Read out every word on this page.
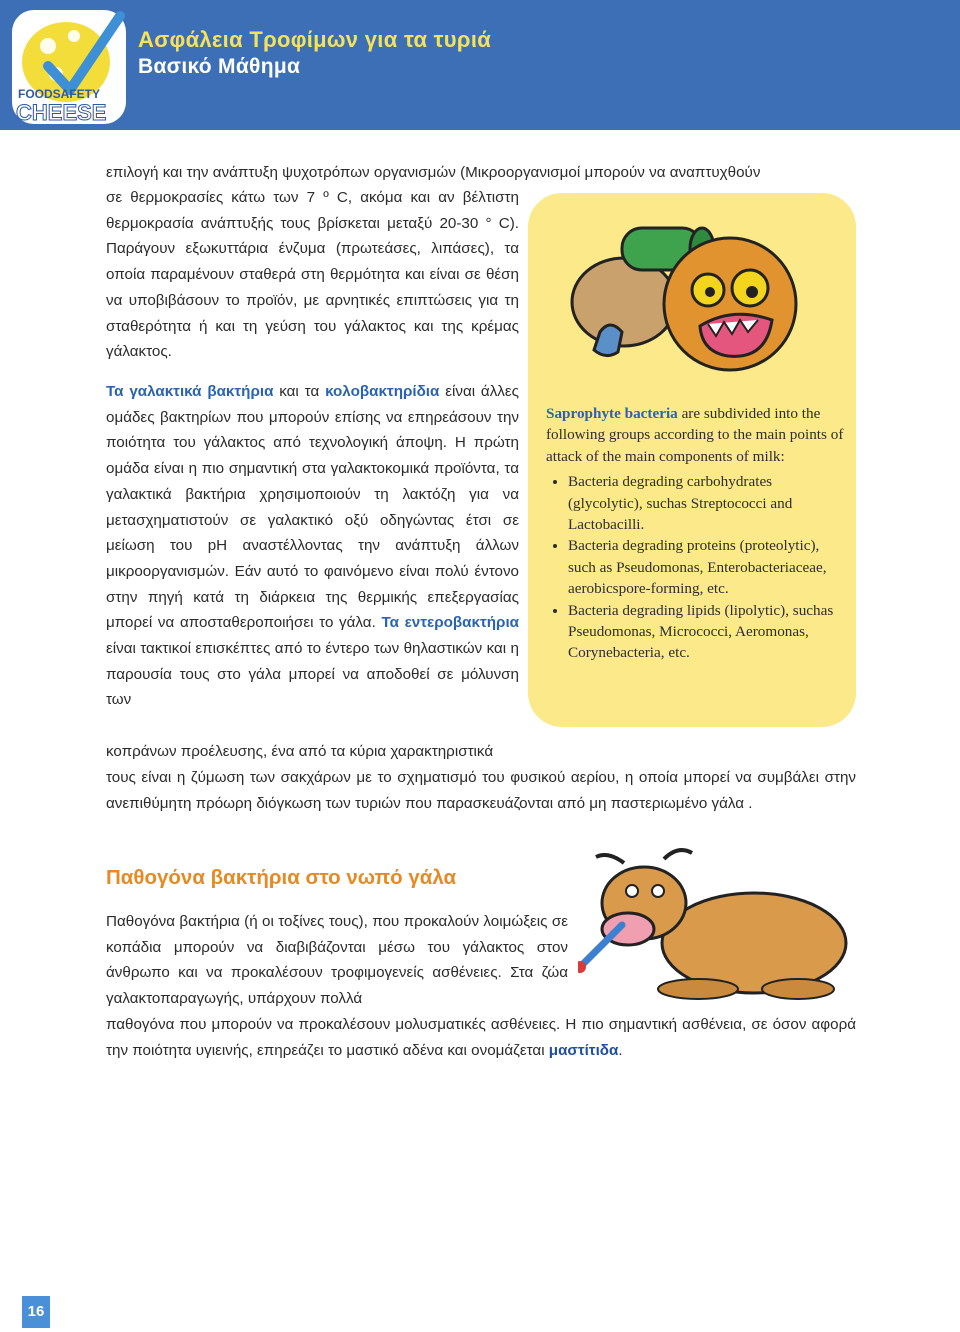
FOODSAFETY
CHEESE
Ασφάλεια Τροφίμων για τα τυριά
Βασικό Μάθημα
επιλογή και την ανάπτυξη ψυχοτρόπων οργανισμών (Μικροοργανισμοί μπορούν να αναπτυχθούν
σε θερμοκρασίες κάτω των 7 º C, ακόμα και αν βέλτιστη θερμοκρασία ανάπτυξής τους βρίσκεται μεταξύ 20-30 ° C). Παράγουν εξωκυττάρια ένζυμα (πρωτεάσες, λιπάσες), τα οποία παραμένουν σταθερά στη θερμότητα και είναι σε θέση να υποβιβάσουν το προϊόν, με αρνητικές επιπτώσεις για τη σταθερότητα ή και τη γεύση του γάλακτος και της κρέμας γάλακτος.
Saprophyte bacteria are subdivided into the following groups according to the main points of attack of the main components of milk:
• Bacteria degrading carbohydrates (glycolytic), suchas Streptococci and Lactobacilli.
• Bacteria degrading proteins (proteolytic), such as Pseudomonas, Enterobacteriaceae, aerobicspore-forming, etc.
• Bacteria degrading lipids (lipolytic), suchas Pseudomonas, Micrococci, Aeromonas, Corynebacteria, etc.
Τα γαλακτικά βακτήρια και τα κολοβακτηρίδια είναι άλλες ομάδες βακτηρίων που μπορούν επίσης να επηρεάσουν την ποιότητα του γάλακτος από τεχνολογική άποψη. Η πρώτη ομάδα είναι η πιο σημαντική στα γαλακτοκομικά προϊόντα, τα γαλακτικά βακτήρια χρησιμοποιούν τη λακτόζη για να μετασχηματιστούν σε γαλακτικό οξύ οδηγώντας έτσι σε μείωση του pH αναστέλλοντας την ανάπτυξη άλλων μικροοργανισμών. Εάν αυτό το φαινόμενο είναι πολύ έντονο στην πηγή κατά τη διάρκεια της θερμικής επεξεργασίας μπορεί να αποσταθεροποιήσει το γάλα. Τα εντεροβακτήρια είναι τακτικοί επισκέπτες από το έντερο των θηλαστικών και η παρουσία τους στο γάλα μπορεί να αποδοθεί σε μόλυνση των
κοπράνων προέλευσης, ένα από τα κύρια χαρακτηριστικά
τους είναι η ζύμωση των σακχάρων με το σχηματισμό του φυσικού αερίου, η οποία μπορεί να συμβάλει στην ανεπιθύμητη πρόωρη διόγκωση των τυριών που παρασκευάζονται από μη παστεριωμένο γάλα .
Παθογόνα βακτήρια στο νωπό γάλα
Παθογόνα βακτήρια (ή οι τοξίνες τους), που προκαλούν λοιμώξεις σε κοπάδια μπορούν να διαβιβάζονται μέσω του γάλακτος στον άνθρωπο και να προκαλέσουν τροφιμογενείς ασθένειες. Στα ζώα γαλακτοπαραγωγής, υπάρχουν πολλά
παθογόνα που μπορούν να προκαλέσουν μολυσματικές ασθένειες. Η πιο σημαντική ασθένεια, σε όσον αφορά την ποιότητα υγιεινής, επηρεάζει το μαστικό αδένα και ονομάζεται μαστίτιδα.
16
